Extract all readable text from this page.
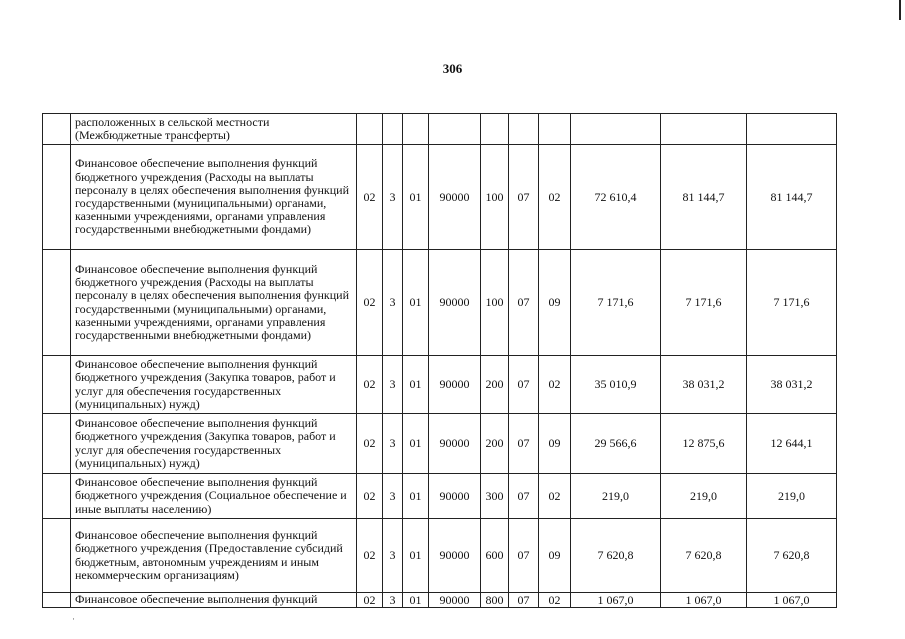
306
	расположенных в сельской местности (Межбюджетные трансферты)										
	Финансовое обеспечение выполнения функций бюджетного учреждения (Расходы на выплаты персоналу в целях обеспечения выполнения функций государственными (муниципальными) органами, казенными учреждениями, органами управления государственными внебюджетными фондами)	02	3	01	90000	100	07	02	72 610,4	81 144,7	81 144,7
	Финансовое обеспечение выполнения функций бюджетного учреждения (Расходы на выплаты персоналу в целях обеспечения выполнения функций государственными (муниципальными) органами, казенными учреждениями, органами управления государственными внебюджетными фондами)	02	3	01	90000	100	07	09	7 171,6	7 171,6	7 171,6
	Финансовое обеспечение выполнения функций бюджетного учреждения (Закупка товаров, работ и услуг для обеспечения государственных (муниципальных) нужд)	02	3	01	90000	200	07	02	35 010,9	38 031,2	38 031,2
	Финансовое обеспечение выполнения функций бюджетного учреждения (Закупка товаров, работ и услуг для обеспечения государственных (муниципальных) нужд)	02	3	01	90000	200	07	09	29 566,6	12 875,6	12 644,1
	Финансовое обеспечение выполнения функций бюджетного учреждения (Социальное обеспечение и иные выплаты населению)	02	3	01	90000	300	07	02	219,0	219,0	219,0
	Финансовое обеспечение выполнения функций бюджетного учреждения (Предоставление субсидий бюджетным, автономным учреждениям и иным некоммерческим организациям)	02	3	01	90000	600	07	09	7 620,8	7 620,8	7 620,8
	Финансовое обеспечение выполнения функций	02	3	01	90000	800	07	02	1 067,0	1 067,0	1 067,0
·
